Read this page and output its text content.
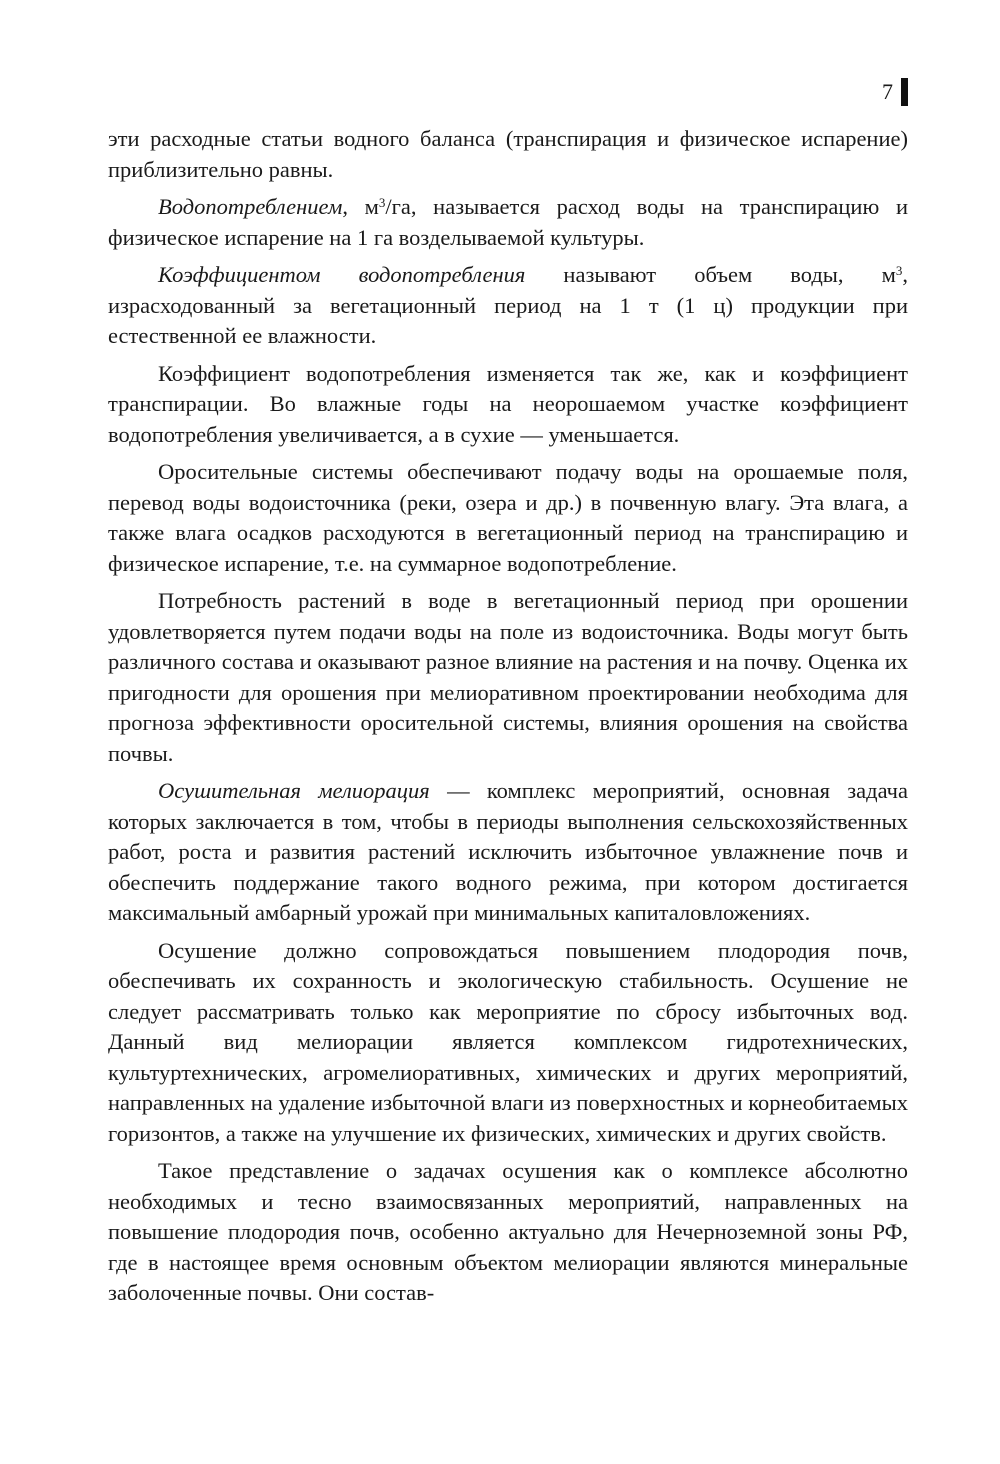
7

эти расходные статьи водного баланса (транспирация и физическое испарение) приблизительно равны.

Водопотреблением, $м^3/га$, называется расход воды на транспирацию и физическое испарение на 1 га возделываемой культуры.

Коэффициентом водопотребления называют объем воды, $м^3$, израсходованный за вегетационный период на 1 т (1 ц) продукции при естественной ее влажности.

Коэффициент водопотребления изменяется так же, как и коэффициент транспирации. Во влажные годы на неорошаемом участке коэффициент водопотребления увеличивается, а в сухие — уменьшается.

Оросительные системы обеспечивают подачу воды на орошаемые поля, перевод воды водоисточника (реки, озера и др.) в почвенную влагу. Эта влага, а также влага осадков расходуются в вегетационный период на транспирацию и физическое испарение, т.е. на суммарное водопотребление.

Потребность растений в воде в вегетационный период при орошении удовлетворяется путем подачи воды на поле из водоисточника. Воды могут быть различного состава и оказывают разное влияние на растения и на почву. Оценка их пригодности для орошения при мелиоративном проектировании необходима для прогноза эффективности оросительной системы, влияния орошения на свойства почвы.

Осушительная мелиорация — комплекс мероприятий, основная задача которых заключается в том, чтобы в периоды выполнения сельскохозяйственных работ, роста и развития растений исключить избыточное увлажнение почв и обеспечить поддержание такого водного режима, при котором достигается максимальный амбарный урожай при минимальных капиталовложениях.

Осушение должно сопровождаться повышением плодородия почв, обеспечивать их сохранность и экологическую стабильность. Осушение не следует рассматривать только как мероприятие по сбросу избыточных вод. Данный вид мелиорации является комплексом гидротехнических, культуртехнических, агромелиоративных, химических и других мероприятий, направленных на удаление избыточной влаги из поверхностных и корнеобитаемых горизонтов, а также на улучшение их физических, химических и других свойств.

Такое представление о задачах осушения как о комплексе абсолютно необходимых и тесно взаимосвязанных мероприятий, направленных на повышение плодородия почв, особенно актуально для Нечерноземной зоны РФ, где в настоящее время основным объектом мелиорации являются минеральные заболоченные почвы. Они состав-
